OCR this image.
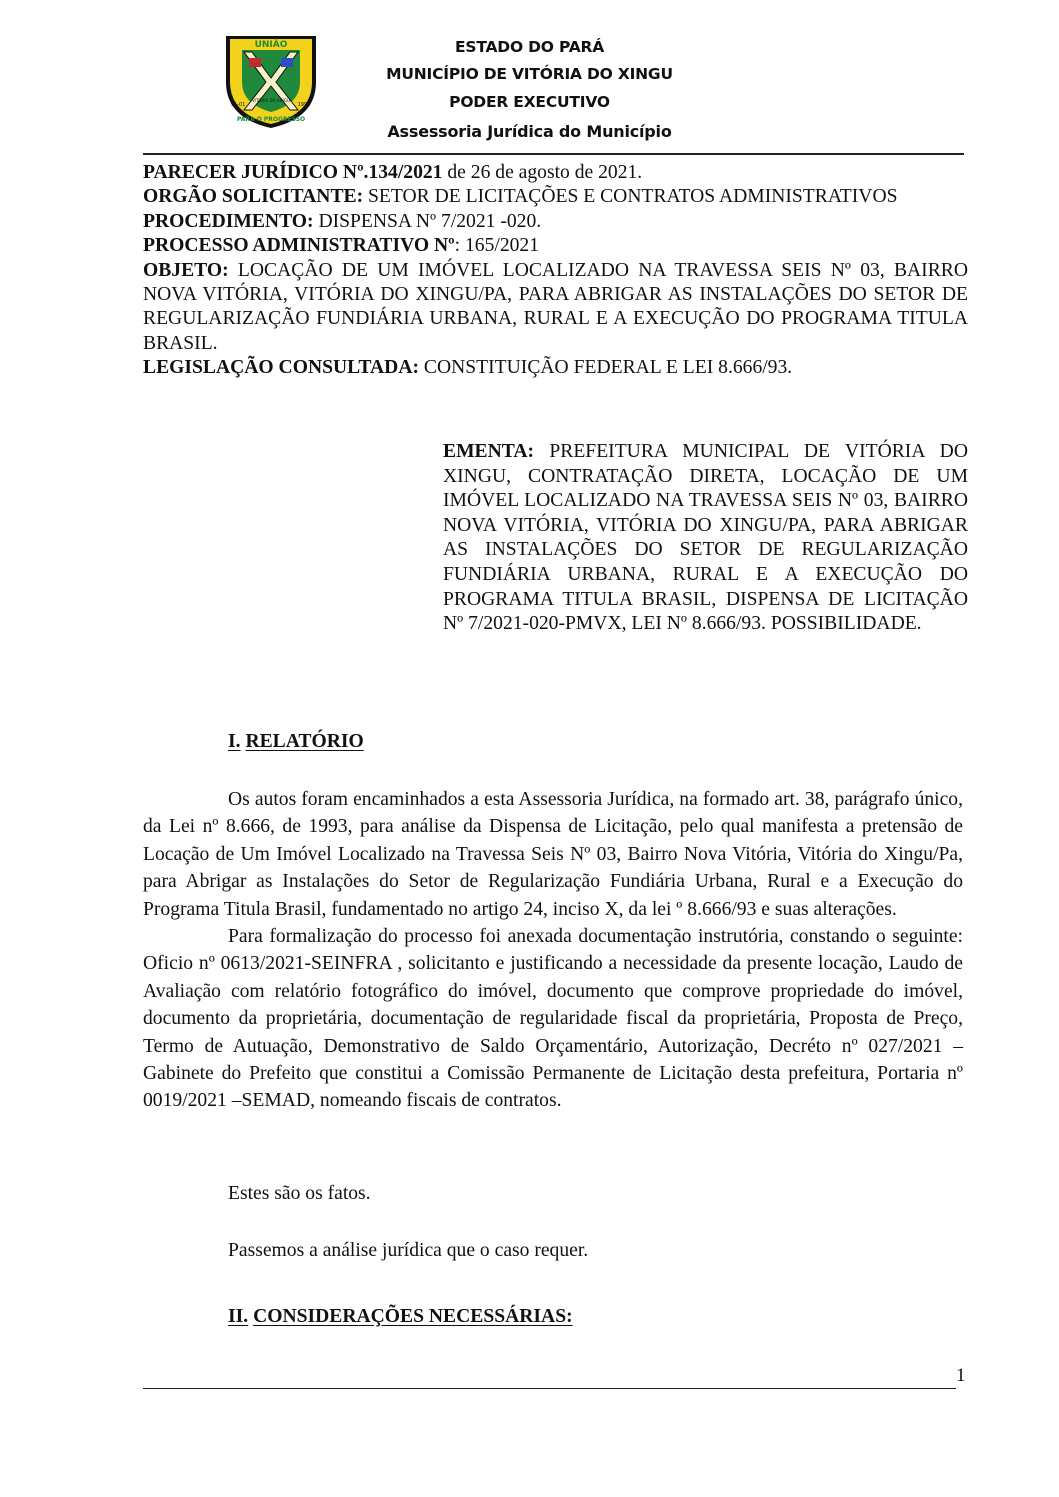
UNIÃO
PARA O PROGRESSO
91-01	1993
VITÓRIA DO XINGU
ESTADO DO PARÁ
MUNICÍPIO DE VITÓRIA DO XINGU
PODER EXECUTIVO
Assessoria Jurídica do Município

PARECER JURÍDICO Nº.134/2021 de 26 de agosto de 2021.

ORGÃO SOLICITANTE: SETOR DE LICITAÇÕES E CONTRATOS ADMINISTRATIVOS

PROCEDIMENTO: DISPENSA Nº 7/2021 -020.

PROCESSO ADMINISTRATIVO Nº: 165/2021

OBJETO: LOCAÇÃO DE UM IMÓVEL LOCALIZADO NA TRAVESSA SEIS Nº 03, BAIRRO NOVA VITÓRIA, VITÓRIA DO XINGU/PA, PARA ABRIGAR AS INSTALAÇÕES DO SETOR DE REGULARIZAÇÃO FUNDIÁRIA URBANA, RURAL E A EXECUÇÃO DO PROGRAMA TITULA BRASIL.

LEGISLAÇÃO CONSULTADA: CONSTITUIÇÃO FEDERAL E LEI 8.666/93.

EMENTA: PREFEITURA MUNICIPAL DE VITÓRIA DO XINGU, CONTRATAÇÃO DIRETA, LOCAÇÃO DE UM IMÓVEL LOCALIZADO NA TRAVESSA SEIS Nº 03, BAIRRO NOVA VITÓRIA, VITÓRIA DO XINGU/PA, PARA ABRIGAR AS INSTALAÇÕES DO SETOR DE REGULARIZAÇÃO FUNDIÁRIA URBANA, RURAL E A EXECUÇÃO DO PROGRAMA TITULA BRASIL, DISPENSA DE LICITAÇÃO Nº 7/2021-020-PMVX, LEI Nº 8.666/93. POSSIBILIDADE.
I. RELATÓRIO

Os autos foram encaminhados a esta Assessoria Jurídica, na formado art. 38, parágrafo único, da Lei nº 8.666, de 1993, para análise da Dispensa de Licitação, pelo qual manifesta a pretensão de Locação de Um Imóvel Localizado na Travessa Seis Nº 03, Bairro Nova Vitória, Vitória do Xingu/Pa, para Abrigar as Instalações do Setor de Regularização Fundiária Urbana, Rural e a Execução do Programa Titula Brasil, fundamentado no artigo 24, inciso X, da lei º 8.666/93 e suas alterações.

Para formalização do processo foi anexada documentação instrutória, constando o seguinte: Oficio nº 0613/2021-SEINFRA , solicitanto e justificando a necessidade da presente locação, Laudo de Avaliação com relatório fotográfico do imóvel, documento que comprove propriedade do imóvel, documento da proprietária, documentação de regularidade fiscal da proprietária, Proposta de Preço, Termo de Autuação, Demonstrativo de Saldo Orçamentário, Autorização, Decréto nº 027/2021 – Gabinete do Prefeito que constitui a Comissão Permanente de Licitação desta prefeitura, Portaria nº 0019/2021 –SEMAD, nomeando fiscais de contratos.

Estes são os fatos.
Passemos a análise jurídica que o caso requer.
II. CONSIDERAÇÕES NECESSÁRIAS:
1
